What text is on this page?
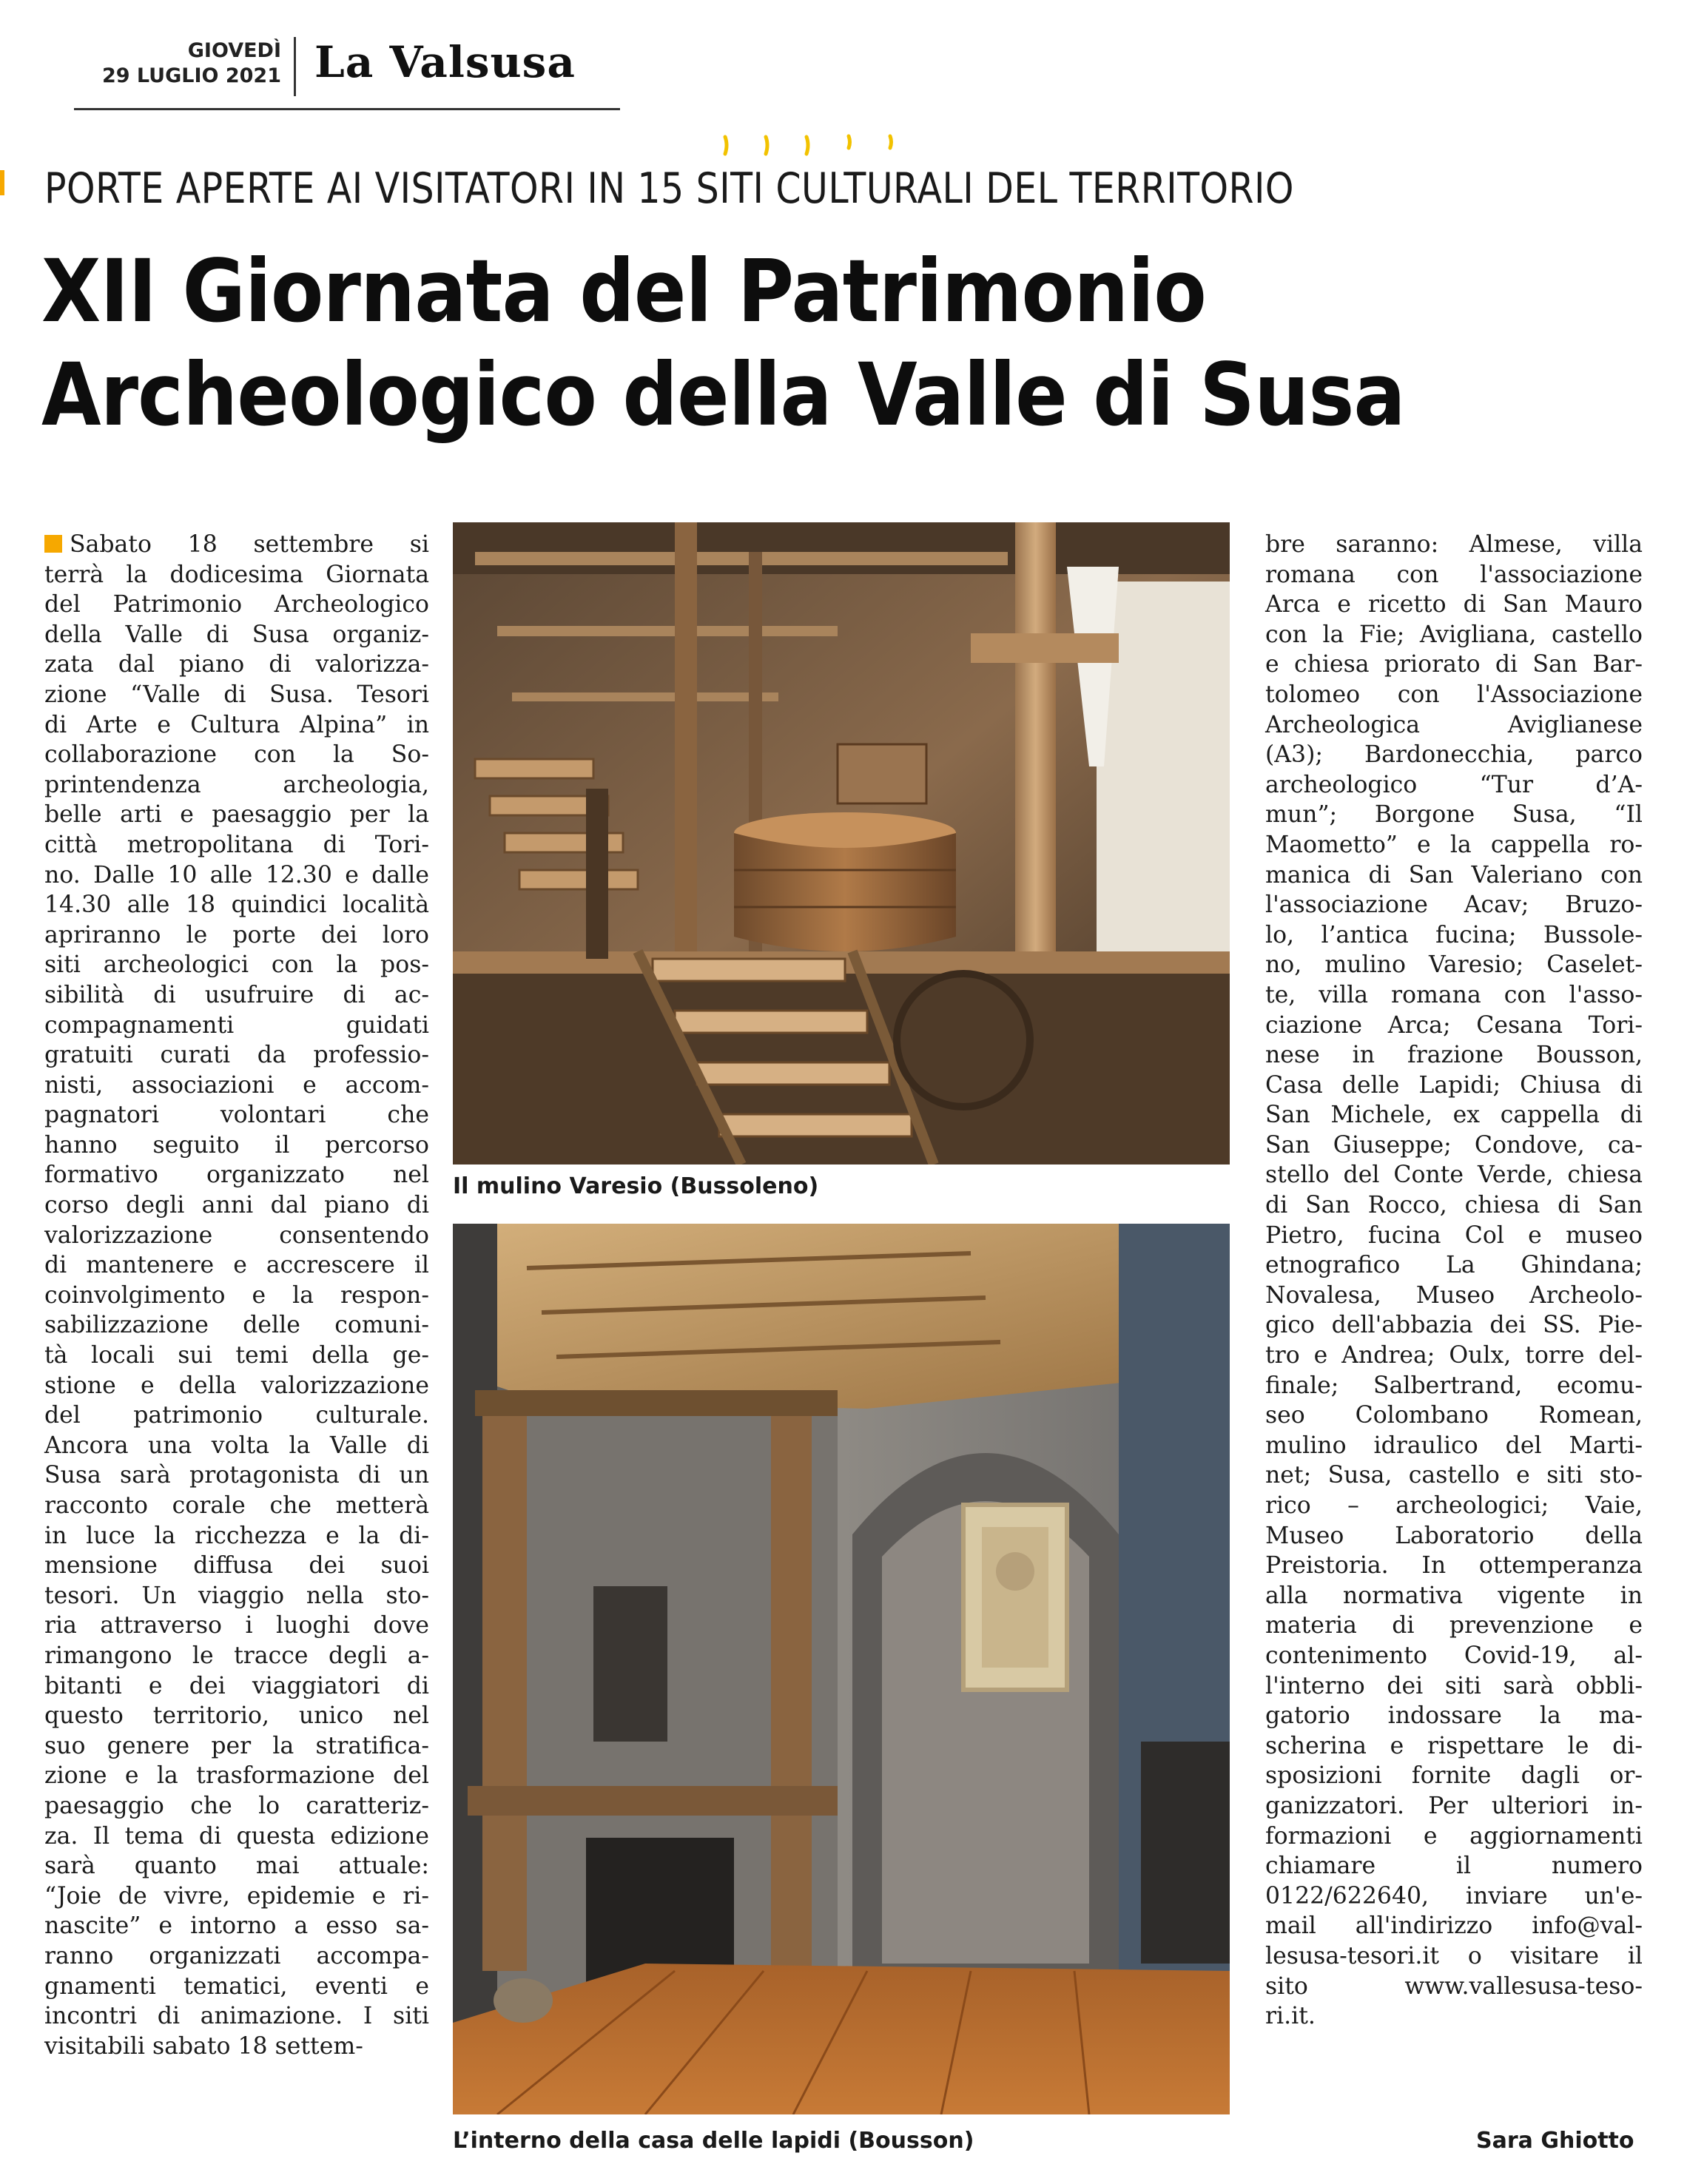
GIOVEDÌ
29 LUGLIO 2021 La Valsusa
PORTE APERTE AI VISITATORI IN 15 SITI CULTURALI DEL TERRITORIO
XII Giornata del Patrimonio
Archeologico della Valle di Susa
Sabato 18 settembre si
terrà la dodicesima Giornata
del Patrimonio Archeologico
della Valle di Susa organiz-
zata dal piano di valorizza-
zione “Valle di Susa. Tesori
di Arte e Cultura Alpina” in
collaborazione con la So-
printendenza archeologia,
belle arti e paesaggio per la
città metropolitana di Tori-
no. Dalle 10 alle 12.30 e dalle
14.30 alle 18 quindici località
apriranno le porte dei loro
siti archeologici con la pos-
sibilità di usufruire di ac-
compagnamenti guidati
gratuiti curati da professio-
nisti, associazioni e accom-
pagnatori volontari che
hanno seguito il percorso
formativo organizzato nel
corso degli anni dal piano di
valorizzazione consentendo
di mantenere e accrescere il
coinvolgimento e la respon-
sabilizzazione delle comuni-
tà locali sui temi della ge-
stione e della valorizzazione
del patrimonio culturale.
Ancora una volta la Valle di
Susa sarà protagonista di un
racconto corale che metterà
in luce la ricchezza e la di-
mensione diffusa dei suoi
tesori. Un viaggio nella sto-
ria attraverso i luoghi dove
rimangono le tracce degli a-
bitanti e dei viaggiatori di
questo territorio, unico nel
suo genere per la stratifica-
zione e la trasformazione del
paesaggio che lo caratteriz-
za. Il tema di questa edizione
sarà quanto mai attuale:
“Joie de vivre, epidemie e ri-
nascite” e intorno a esso sa-
ranno organizzati accompa-
gnamenti tematici, eventi e
incontri di animazione. I siti
visitabili sabato 18 settem-
Il mulino Varesio (Bussoleno)
L’interno della casa delle lapidi (Bousson)
bre saranno: Almese, villa
romana con l'associazione
Arca e ricetto di San Mauro
con la Fie; Avigliana, castello
e chiesa priorato di San Bar-
tolomeo con l'Associazione
Archeologica Aviglianese
(A3); Bardonecchia, parco
archeologico “Tur d’A-
mun”; Borgone Susa, “Il
Maometto” e la cappella ro-
manica di San Valeriano con
l'associazione Acav; Bruzo-
lo, l’antica fucina; Bussole-
no, mulino Varesio; Caselet-
te, villa romana con l'asso-
ciazione Arca; Cesana Tori-
nese in frazione Bousson,
Casa delle Lapidi; Chiusa di
San Michele, ex cappella di
San Giuseppe; Condove, ca-
stello del Conte Verde, chiesa
di San Rocco, chiesa di San
Pietro, fucina Col e museo
etnografico La Ghindana;
Novalesa, Museo Archeolo-
gico dell'abbazia dei SS. Pie-
tro e Andrea; Oulx, torre del-
finale; Salbertrand, ecomu-
seo Colombano Romean,
mulino idraulico del Marti-
net; Susa, castello e siti sto-
rico – archeologici; Vaie,
Museo Laboratorio della
Preistoria. In ottemperanza
alla normativa vigente in
materia di prevenzione e
contenimento Covid-19, al-
l'interno dei siti sarà obbli-
gatorio indossare la ma-
scherina e rispettare le di-
sposizioni fornite dagli or-
ganizzatori. Per ulteriori in-
formazioni e aggiornamenti
chiamare il numero
0122/622640, inviare un'e-
mail all'indirizzo info@val-
lesusa-tesori.it o visitare il
sito www.vallesusa-teso-
ri.it.
Sara Ghiotto
